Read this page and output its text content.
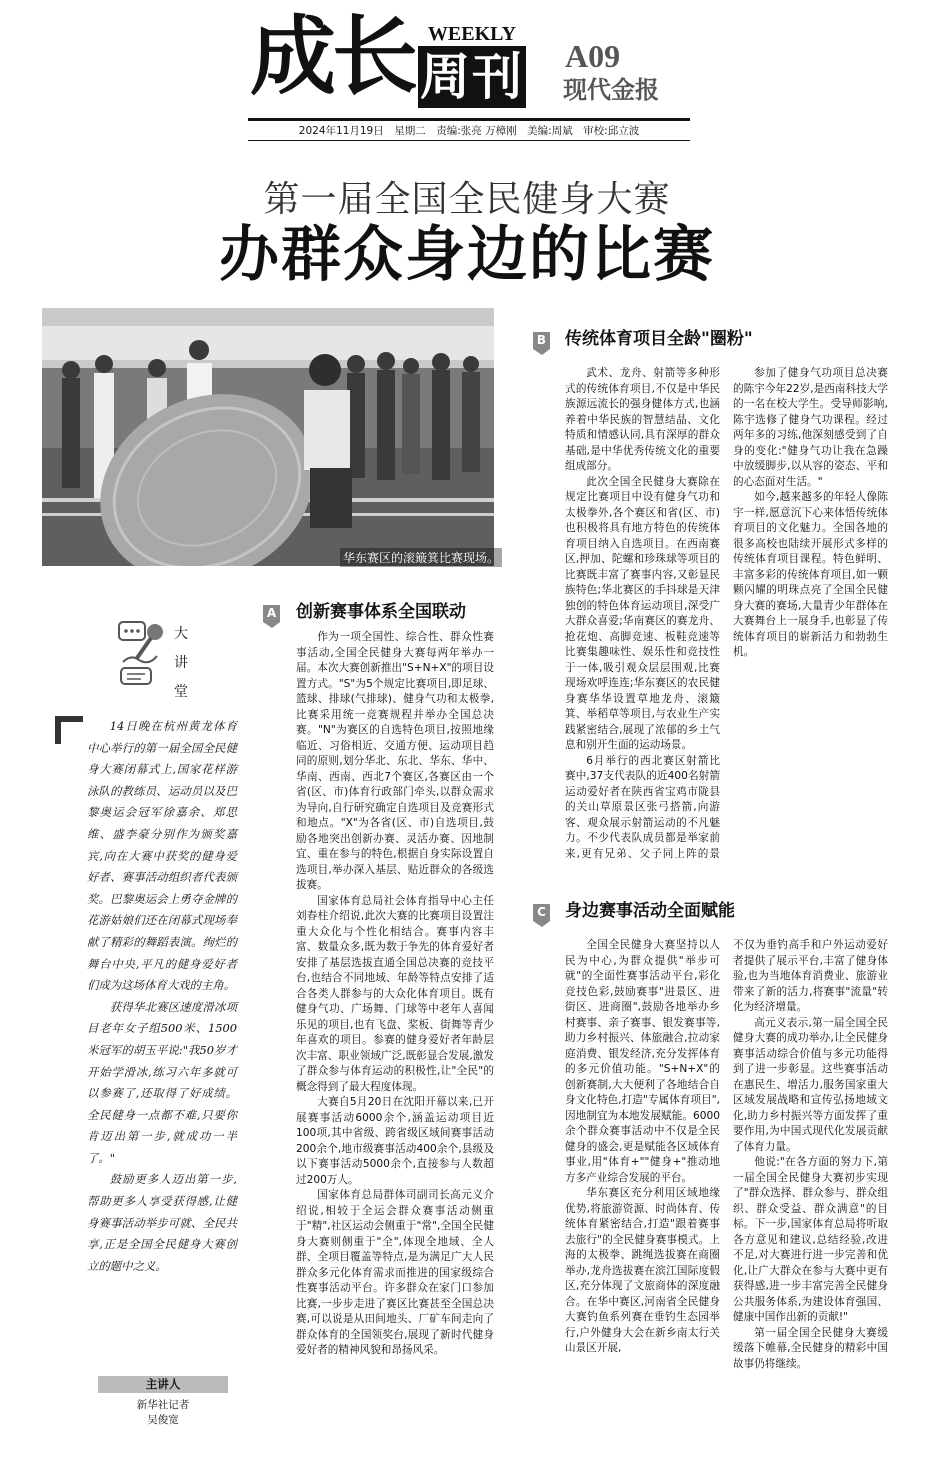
成长 WEEKLY
周刊 A09
现代金报
2024年11月19日　星期二　责编:张亮 万樟刚　美编:周斌　审校:邱立波
第一届全国全民健身大赛
办群众身边的比赛
华东赛区的滚簸箕比赛现场。
B 传统体育项目全龄"圈粉"

武术、龙舟、射箭等多种形式的传统体育项目,不仅是中华民族源远流长的强身健体方式,也涵养着中华民族的智慧结晶、文化特质和情感认同,具有深厚的群众基础,是中华优秀传统文化的重要组成部分。

此次全国全民健身大赛除在规定比赛项目中设有健身气功和太极拳外,各个赛区和省(区、市)也积极将具有地方特色的传统体育项目纳入自选项目。在西南赛区,押加、陀螺和珍珠球等项目的比赛既丰富了赛事内容,又彰显民族特色;华北赛区的手抖球是天津独创的特色体育运动项目,深受广大群众喜爱;华南赛区的赛龙舟、抢花炮、高脚竞速、板鞋竞速等比赛集趣味性、娱乐性和竞技性于一体,吸引观众层层围观,比赛现场欢呼连连;华东赛区的农民健身赛华华设置草地龙舟、滚簸箕、举稻草等项目,与农业生产实践紧密结合,展现了浓郁的乡土气息和别开生面的运动场景。

6月举行的西北赛区射箭比赛中,37支代表队的近400名射箭运动爱好者在陕西省宝鸡市陇县的关山草原景区张弓搭箭,向游客、观众展示射箭运动的不凡魅力。不少代表队成员都是举家前来,更有兄弟、父子同上阵的景

参加了健身气功项目总决赛的陈宇今年22岁,是西南科技大学的一名在校大学生。受导师影响,陈宇选修了健身气功课程。经过两年多的习练,他深刻感受到了自身的变化:"健身气功让我在急躁中放缓脚步,以从容的姿态、平和的心态面对生活。"

如今,越来越多的年轻人像陈宇一样,愿意沉下心来体悟传统体育项目的文化魅力。全国各地的很多高校也陆续开展形式多样的传统体育项目课程。特色鲜明、丰富多彩的传统体育项目,如一颗颗闪耀的明珠点亮了全国全民健身大赛的赛场,大量青少年群体在大赛舞台上一展身手,也彰显了传统体育项目的崭新活力和勃勃生机。

A 创新赛事体系全国联动

作为一项全国性、综合性、群众性赛事活动,全国全民健身大赛每两年举办一届。本次大赛创新推出"S+N+X"的项目设置方式。"S"为5个规定比赛项目,即足球、篮球、排球(气排球)、健身气功和太极拳,比赛采用统一竞赛规程并举办全国总决赛。"N"为赛区的自选特色项目,按照地缘临近、习俗相近、交通方便、运动项目趋同的原则,划分华北、东北、华东、华中、华南、西南、西北7个赛区,各赛区由一个省(区、市)体育行政部门牵头,以群众需求为导向,自行研究确定自选项目及竞赛形式和地点。"X"为各省(区、市)自选项目,鼓励各地突出创新办赛、灵活办赛、因地制宜、重在参与的特色,根据自身实际设置自选项目,举办深入基层、贴近群众的各级选拔赛。

国家体育总局社会体育指导中心主任刘春柱介绍说,此次大赛的比赛项目设置注重大众化与个性化相结合。赛事内容丰富、数量众多,既为数于争先的体育爱好者安排了基层选拔直通全国总决赛的竞技平台,也结合不同地域、年龄等特点安排了适合各类人群参与的大众化体育项目。既有健身气功、广场舞、门球等中老年人喜闻乐见的项目,也有飞盘、桨板、街舞等青少年喜欢的项目。参赛的健身爱好者年龄层次丰富、职业领域广泛,既彰显合发展,激发了群众参与体育运动的积极性,让"全民"的概念得到了最大程度体现。

大赛自5月20日在沈阳开幕以来,已开展赛事活动6000余个,涵盖运动项目近100项,其中省级、跨省级区域间赛事活动200余个,地市级赛事活动400余个,县级及以下赛事活动5000余个,直接参与人数超过200万人。

国家体育总局群体司副司长高元义介绍说,相较于全运会群众赛事活动侧重于"精",社区运动会侧重于"常",全国全民健身大赛则侧重于"全",体现全地域、全人群、全项目覆盖等特点,是为满足广大人民群众多元化体育需求而推进的国家级综合性赛事活动平台。许多群众在家门口参加比赛,一步步走进了赛区比赛甚至全国总决赛,可以说是从田间地头、厂矿车间走向了群众体育的全国领奖台,展现了新时代健身爱好者的精神风貌和昂扬风采。

C 身边赛事活动全面赋能

全国全民健身大赛坚持以人民为中心,为群众提供"举步可就"的全面性赛事活动平台,彩化竞技色彩,鼓励赛事"进景区、进街区、进商圈",鼓励各地举办乡村赛事、亲子赛事、银发赛事等,助力乡村振兴、体旅融合,拉动家庭消费、银发经济,充分发挥体育的多元价值功能。"S+N+X"的创新赛制,大大便利了各地结合自身文化特色,打造"专属体育项目",因地制宜为本地发展赋能。6000余个群众赛事活动中不仅是全民健身的盛会,更是赋能各区域体育事业,用"体育+""健身+"推动地方多产业综合发展的平台。

华东赛区充分利用区域地缘优势,将旅游资源、时尚体育、传统体育紧密结合,打造"跟着赛事去旅行"的全民健身赛事模式。上海的太极拳、跳绳选拔赛在商圈举办,龙舟选拔赛在滨江国际度假区,充分体现了文旅商体的深度融合。在华中赛区,河南省全民健身大赛钓鱼系列赛在垂钓生态园举行,户外健身大会在新乡南太行关山景区开展,

不仅为垂钓高手和户外运动爱好者提供了展示平台,丰富了健身体验,也为当地体育消费业、旅游业带来了新的活力,将赛事"流量"转化为经济增量。

高元义表示,第一届全国全民健身大赛的成功举办,让全民健身赛事活动综合价值与多元功能得到了进一步彰显。这些赛事活动在惠民生、增活力,服务国家重大区域发展战略和宣传弘扬地域文化,助力乡村振兴等方面发挥了重要作用,为中国式现代化发展贡献了体育力量。

他说:"在各方面的努力下,第一届全国全民健身大赛初步实现了"群众选择、群众参与、群众组织、群众受益、群众满意"的目标。下一步,国家体育总局将听取各方意见和建议,总结经验,改进不足,对大赛进行进一步完善和优化,让广大群众在参与大赛中更有获得感,进一步丰富完善全民健身公共服务体系,为建设体育强国、健康中国作出新的贡献!"

第一届全国全民健身大赛缓缓落下帷幕,全民健身的精彩中国故事仍将继续。

大讲堂

14日晚在杭州黄龙体育中心举行的第一届全国全民健身大赛闭幕式上,国家花样游泳队的教练员、运动员以及巴黎奥运会冠军徐嘉余、郑思维、盛李豪分别作为颁奖嘉宾,向在大赛中获奖的健身爱好者、赛事活动组织者代表颁奖。巴黎奥运会上勇夺金牌的花游姑娘们还在闭幕式现场奉献了精彩的舞蹈表演。绚烂的舞台中央,平凡的健身爱好者们成为这场体育大戏的主角。

获得华北赛区速度滑冰项目老年女子组500米、1500米冠军的胡玉平说:"我50岁才开始学滑冰,练习六年多就可以参赛了,还取得了好成绩。全民健身一点都不难,只要你肯迈出第一步,就成功一半了。"

鼓励更多人迈出第一步,帮助更多人享受获得感,让健身赛事活动举步可就、全民共享,正是全国全民健身大赛创立的题中之义。

主讲人
新华社记者
吴俊宽
